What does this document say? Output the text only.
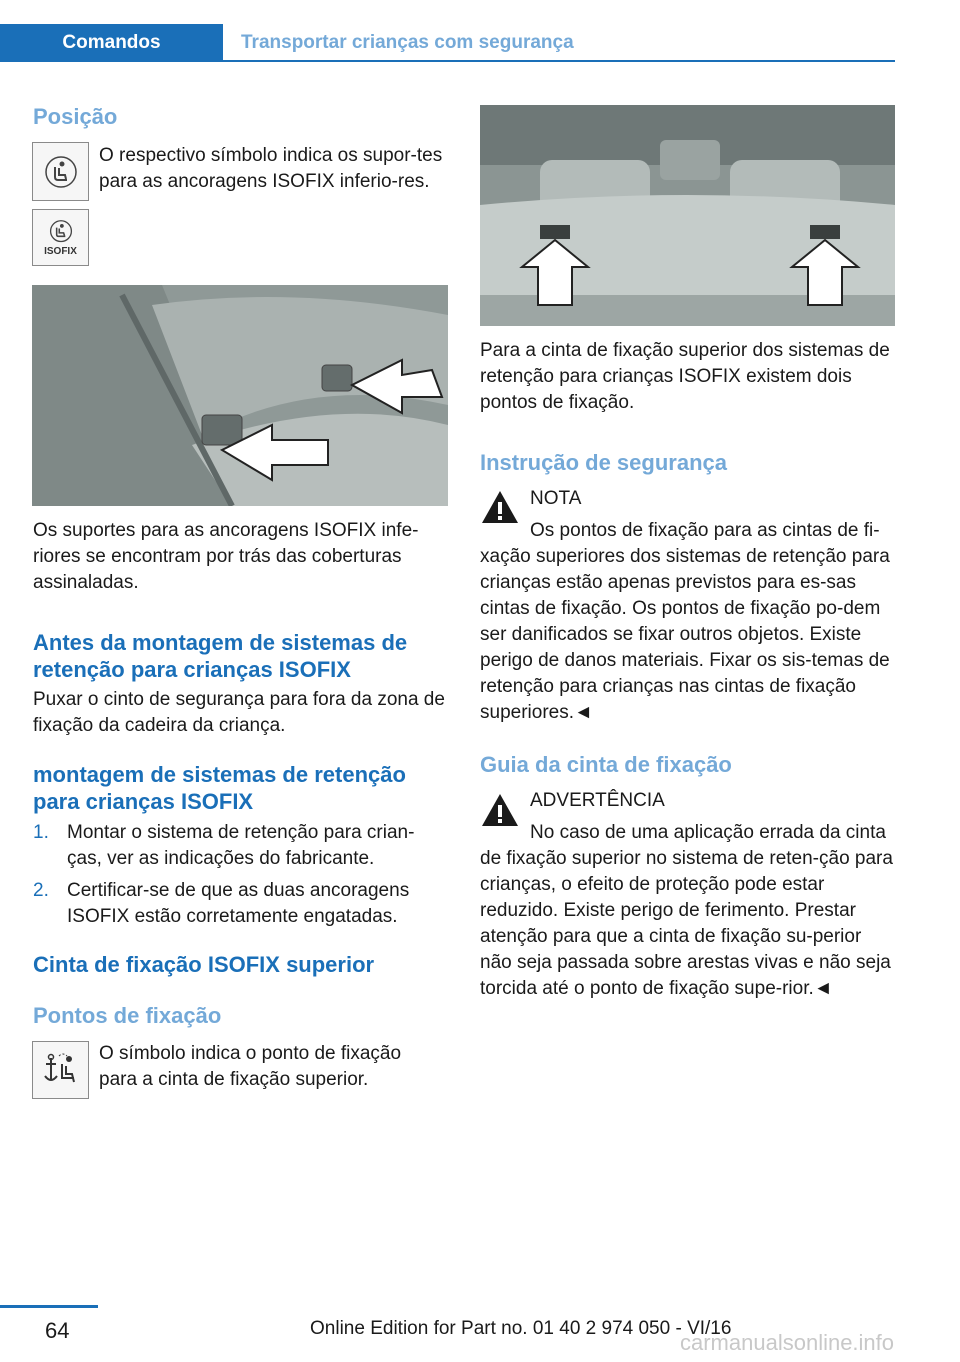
Comandos	Transportar crianças com segurança

Posição

ISOFIX

O respectivo símbolo indica os supor-tes para as ancoragens ISOFIX inferio-res.

Os suportes para as ancoragens ISOFIX infe-riores se encontram por trás das coberturas assinaladas.

Antes da montagem de sistemas de retenção para crianças ISOFIX

Puxar o cinto de segurança para fora da zona de fixação da cadeira da criança.

montagem de sistemas de retenção para crianças ISOFIX

1. Montar o sistema de retenção para crian-ças, ver as indicações do fabricante.
2. Certificar-se de que as duas ancoragens ISOFIX estão corretamente engatadas.

Cinta de fixação ISOFIX superior

Pontos de fixação

O símbolo indica o ponto de fixação para a cinta de fixação superior.

Para a cinta de fixação superior dos sistemas de retenção para crianças ISOFIX existem dois pontos de fixação.

Instrução de segurança

NOTA

Os pontos de fixação para as cintas de fi-xação superiores dos sistemas de retenção para crianças estão apenas previstos para es-sas cintas de fixação. Os pontos de fixação po-dem ser danificados se fixar outros objetos. Existe perigo de danos materiais. Fixar os sis-temas de retenção para crianças nas cintas de fixação superiores.◄

Guia da cinta de fixação

ADVERTÊNCIA

No caso de uma aplicação errada da cinta de fixação superior no sistema de reten-ção para crianças, o efeito de proteção pode estar reduzido. Existe perigo de ferimento. Prestar atenção para que a cinta de fixação su-perior não seja passada sobre arestas vivas e não seja torcida até o ponto de fixação supe-rior.◄

64	Online Edition for Part no. 01 40 2 974 050 - VI/16
carmanualsonline.info
